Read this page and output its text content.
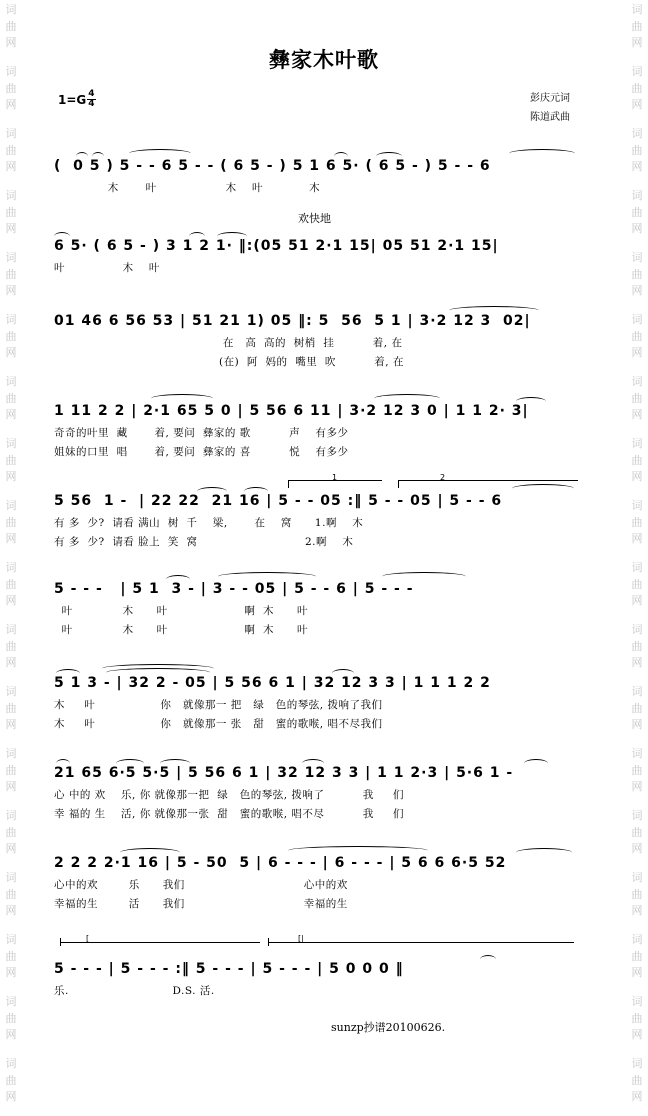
词 曲 网
词 曲 网
词 曲 网
词 曲 网
词 曲 网
词 曲 网
词 曲 网
词 曲 网
词 曲 网
词 曲 网
词 曲 网
词 曲 网
词 曲 网
词 曲 网
词 曲 网
词 曲 网
词 曲 网
词 曲 网
词 曲 网
词 曲 网
词 曲 网
词 曲 网
词 曲 网
词 曲 网
词 曲 网
词 曲 网
词 曲 网
词 曲 网
词 曲 网
词 曲 网
词 曲 网
词 曲 网
词 曲 网
词 曲 网
词 曲 网
词 曲 网
彝家木叶歌
$1=G \frac{4}{4}$	彭庆元词
陈道武曲
欢快地
(  0 5 ) 5 - - 6 5 - - ( 6 5 - ) 5 1 6 5· ( 6 5 - ) 5 - - 6
木       叶                  木    叶            木
6 5· ( 6 5 - ) 3 1 2 1· ‖:(05 51 2·1 15| 05 51 2·1 15|
叶               木    叶
01 46 6 56 53 | 51 21 1) 05 ‖: 5  56  5 1 | 3·2 12 3  02|
在   高  高的  树梢  挂          着, 在
(在)  阿  妈的  嘴里  吹          着, 在
1 11 2 2 | 2·1 65 5 0 | 5 56 6 11 | 3·2 12 3 0 | 1 1 2· 3|
奇奇的叶里  藏       着, 要问  彝家的 歌          声    有多少
姐妹的口里  唱       着, 要问  彝家的 喜          悦    有多少
1	2
5 56  1 -  | 22 22  21 16 | 5 - - 05 :‖ 5 - - 05 | 5 - - 6
有 多  少?  请看 满山  树  千    梁,       在    窝      1.啊    木
有 多  少?  请看 脸上  笑  窝                            2.啊    木
5 - - -   | 5 1  3 - | 3 - - 05 | 5 - - 6 | 5 - - -
叶             木      叶                    啊  木      叶
叶             木      叶                    啊  木      叶
5 1 3 - | 32 2 - 05 | 5 56 6 1 | 32 12 3 3 | 1 1 1 2 2
木     叶                 你   就像那一 把   绿   色的琴弦, 拨响了我们
木     叶                 你   就像那一 张   甜   蜜的歌喉, 唱不尽我们
21 65 6·5 5·5 | 5 56 6 1 | 32 12 3 3 | 1 1 2·3 | 5·6 1 -
心 中的 欢    乐, 你 就像那一把  绿   色的琴弦, 拨响了          我     们
幸 福的 生    活, 你 就像那一张  甜   蜜的歌喉, 唱不尽          我     们
2 2 2 2·1 16 | 5 - 50  5 | 6 - - - | 6 - - - | 5 6 6 6·5 52
心中的欢        乐      我们                               心中的欢
幸福的生        活      我们                               幸福的生
[	[|
5 - - - | 5 - - - :‖ 5 - - - | 5 - - - | 5 0 0 0 ‖
乐.                           D.S. 活.
sunzp抄谱20100626.
